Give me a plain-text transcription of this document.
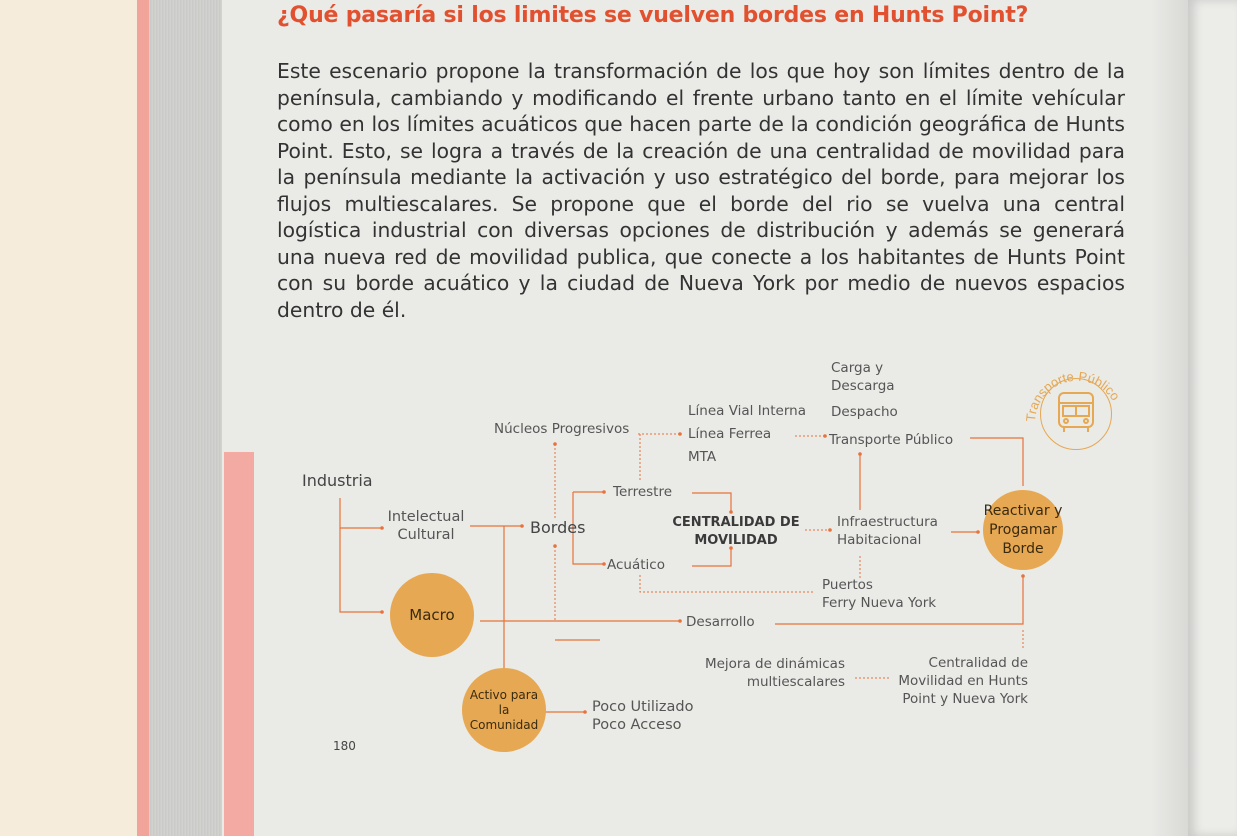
¿Qué pasaría si los limites se vuelven bordes en Hunts Point?
Este escenario propone la transformación de los que hoy son límites dentro de la península, cambiando y modificando el frente urbano tanto en el límite vehícular como en los límites acuáticos que hacen parte de la condición geográfica de Hunts Point. Esto, se logra a través de la creación de una centralidad de movilidad para la península mediante la activación y uso estratégico del borde, para mejorar los flujos multiescalares. Se propone que el borde del rio se vuelva una central logística industrial con diversas opciones de distribución y además se generará una nueva red de movilidad publica, que conecte a los habitantes de Hunts Point con su borde acuático y la ciudad de Nueva York por medio de nuevos espacios dentro de él.
180
Industria
Intelectual
Cultural
Macro
Activo para
la
Comunidad
Poco Utilizado
Poco Acceso
Núcleos Progresivos
Bordes
Terrestre
Acuático
CENTRALIDAD DE
MOVILIDAD
Línea Vial Interna
Línea Ferrea
MTA
Carga y
Descarga
Despacho
Transporte Público
Infraestructura
Habitacional
Puertos
Ferry Nueva York
Desarrollo
Reactivar y
Progamar
Borde
Mejora de dinámicas
multiescalares
Centralidad de
Movilidad en Hunts
Point y Nueva York
Transporte Público
